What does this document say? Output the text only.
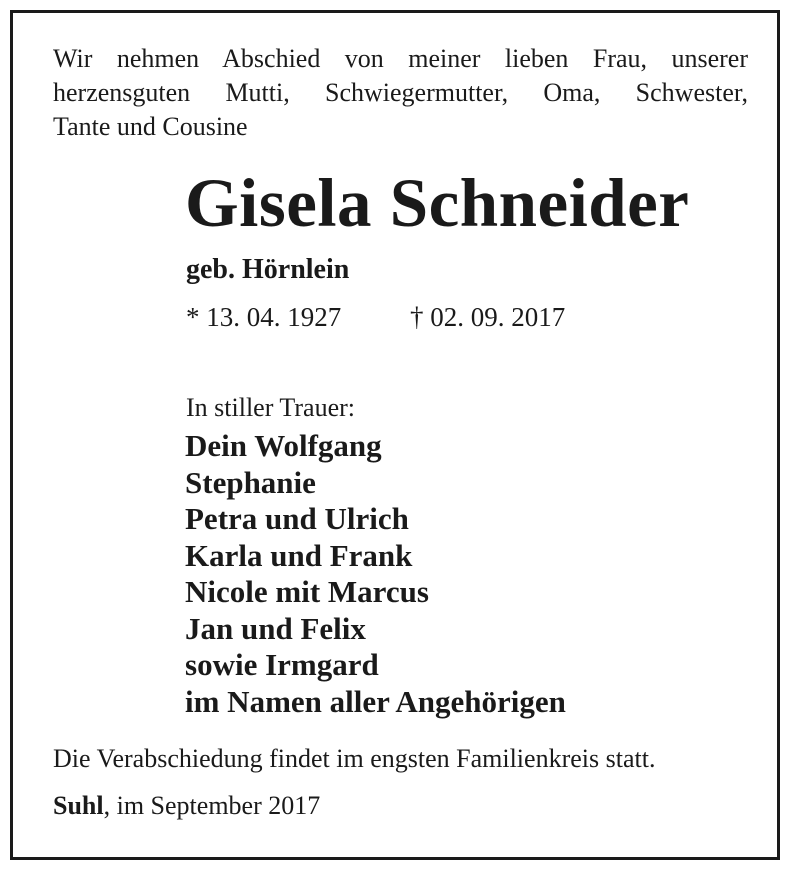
Wir nehmen Abschied von meiner lieben Frau, unserer
herzensguten Mutti, Schwiegermutter, Oma, Schwester,
Tante und Cousine
Gisela Schneider
geb. Hörnlein
* 13. 04. 1927	† 02. 09. 2017
In stiller Trauer:
Dein Wolfgang
Stephanie
Petra und Ulrich
Karla und Frank
Nicole mit Marcus
Jan und Felix
sowie Irmgard
im Namen aller Angehörigen
Die Verabschiedung findet im engsten Familienkreis statt.
Suhl, im September 2017
